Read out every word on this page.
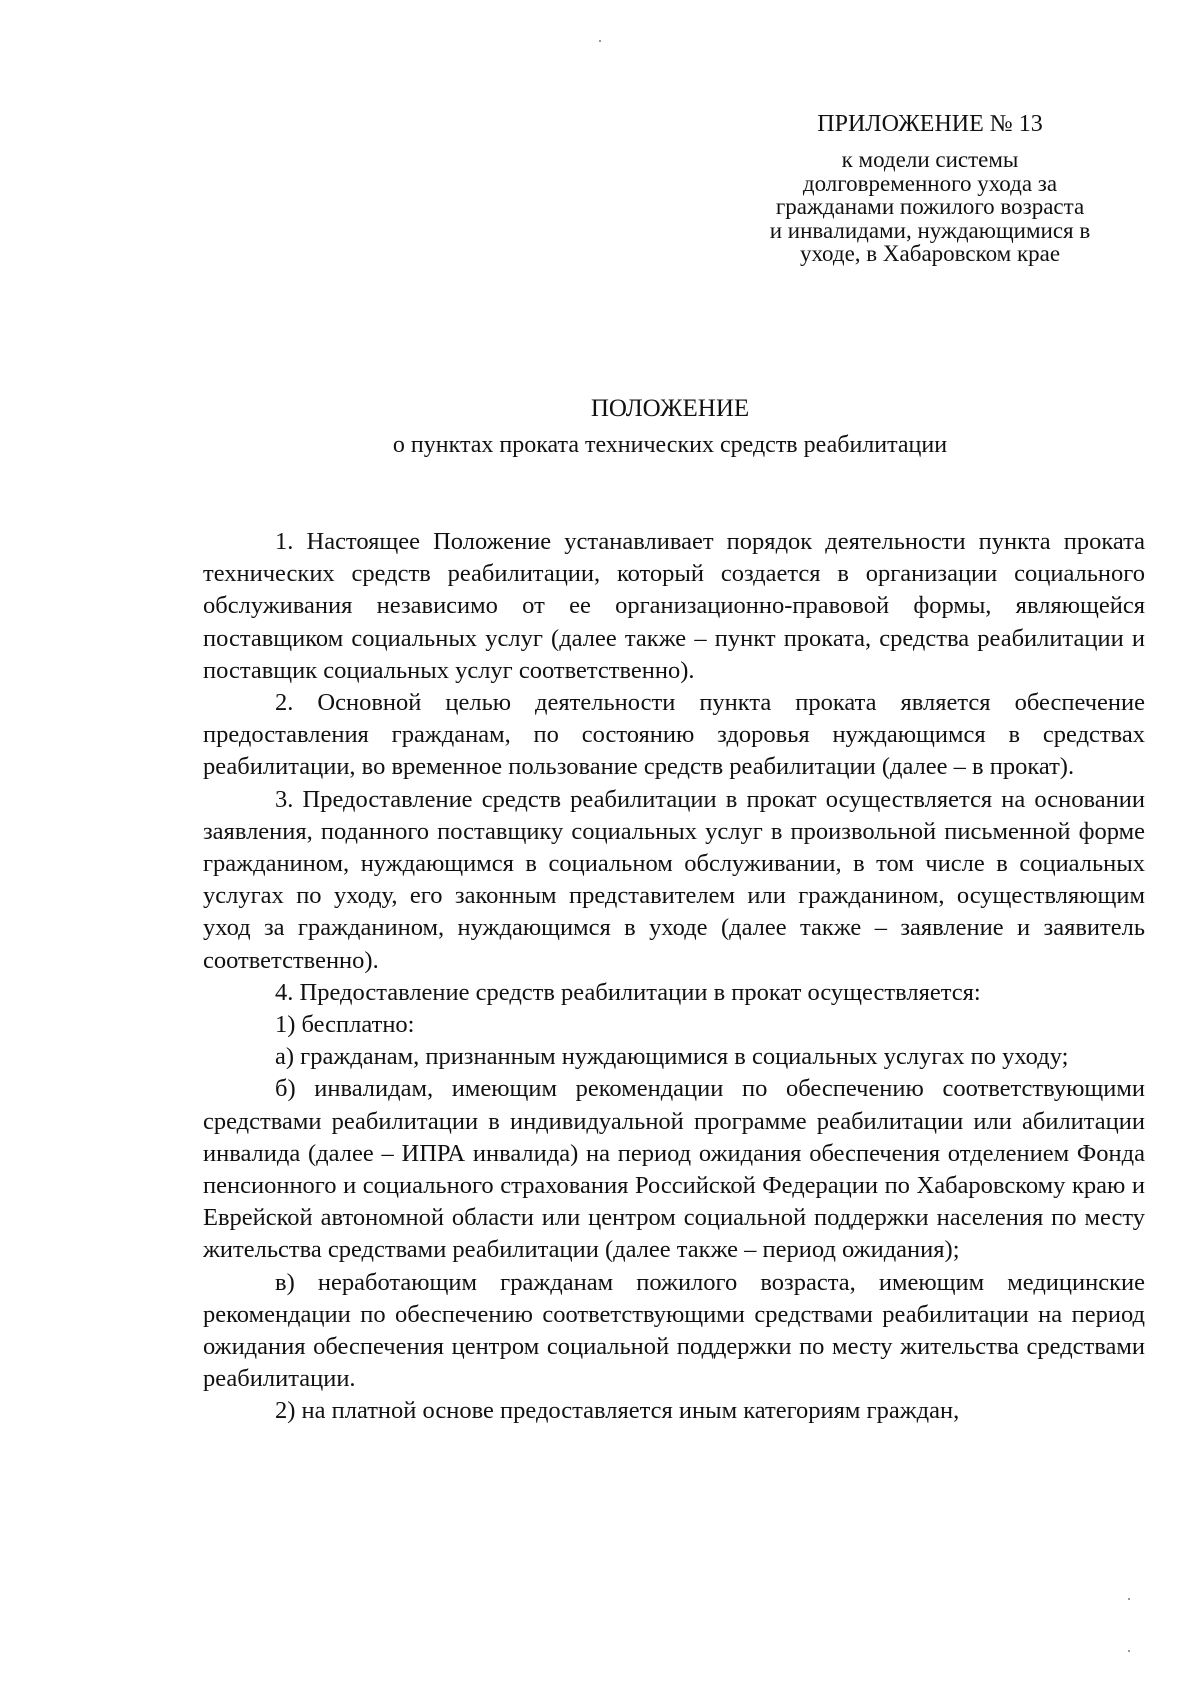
ПРИЛОЖЕНИЕ № 13
к модели системы
долговременного ухода за
гражданами пожилого возраста
и инвалидами, нуждающимися в
уходе, в Хабаровском крае
ПОЛОЖЕНИЕ
о пунктах проката технических средств реабилитации

1. Настоящее Положение устанавливает порядок деятельности пункта проката технических средств реабилитации, который создается в организации социального обслуживания независимо от ее организационно-правовой формы, являющейся поставщиком социальных услуг (далее также – пункт проката, средства реабилитации и поставщик социальных услуг соответственно).

2. Основной целью деятельности пункта проката является обеспечение предоставления гражданам, по состоянию здоровья нуждающимся в средствах реабилитации, во временное пользование средств реабилитации (далее – в прокат).

3. Предоставление средств реабилитации в прокат осуществляется на основании заявления, поданного поставщику социальных услуг в произвольной письменной форме гражданином, нуждающимся в социальном обслуживании, в том числе в социальных услугах по уходу, его законным представителем или гражданином, осуществляющим уход за гражданином, нуждающимся в уходе (далее также – заявление и заявитель соответственно).

4. Предоставление средств реабилитации в прокат осуществляется:

1) бесплатно:

а) гражданам, признанным нуждающимися в социальных услугах по уходу;

б) инвалидам, имеющим рекомендации по обеспечению соответствующими средствами реабилитации в индивидуальной программе реабилитации или абилитации инвалида (далее – ИПРА инвалида) на период ожидания обеспечения отделением Фонда пенсионного и социального страхования Российской Федерации по Хабаровскому краю и Еврейской автономной области или центром социальной поддержки населения по месту жительства средствами реабилитации (далее также – период ожидания);

в) неработающим гражданам пожилого возраста, имеющим медицинские рекомендации по обеспечению соответствующими средствами реабилитации на период ожидания обеспечения центром социальной поддержки по месту жительства средствами реабилитации.

2) на платной основе предоставляется иным категориям граждан,
